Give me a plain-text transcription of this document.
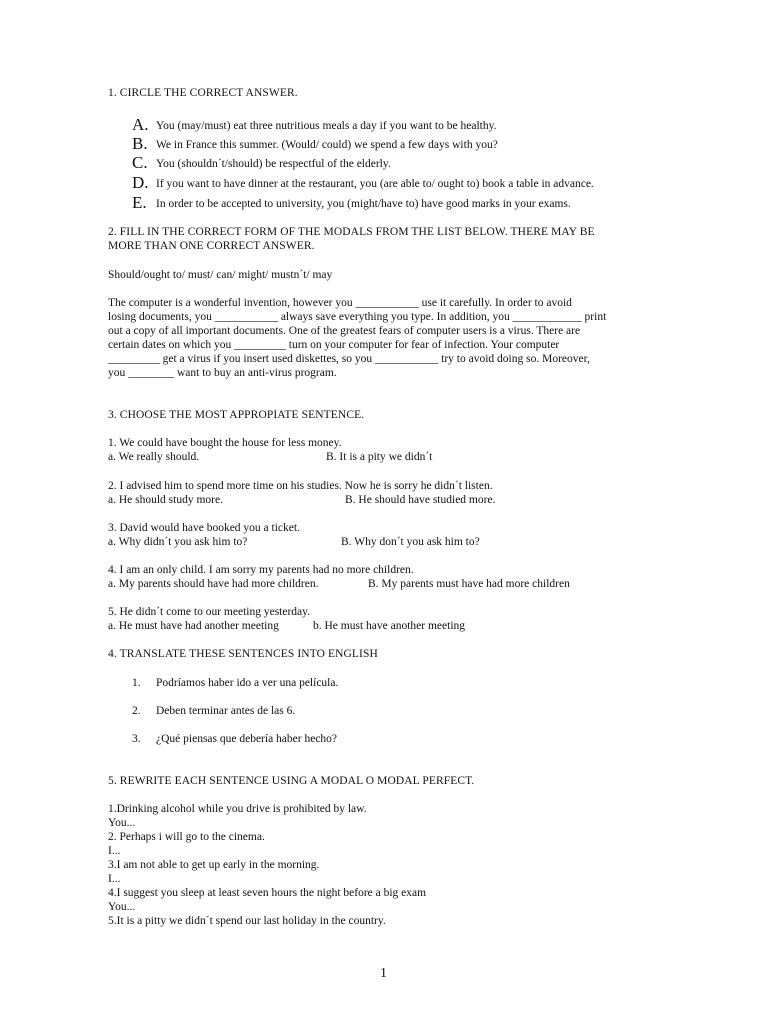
1. CIRCLE THE CORRECT ANSWER.
A. You (may/must) eat three nutritious meals a day if you want to be healthy.
B. We in France this summer. (Would/ could) we spend a few days with you?
C. You (shouldn´t/should) be respectful of the elderly.
D. If you want to have dinner at the restaurant, you (are able to/ ought to) book a table in advance.
E. In order to be accepted to university, you (might/have to) have good marks in your exams.
2. FILL IN THE CORRECT FORM OF THE MODALS FROM THE LIST BELOW. THERE MAY BE
MORE THAN ONE CORRECT ANSWER.
Should/ought to/ must/ can/ might/ mustn´t/ may
The computer is a wonderful invention, however you ___________ use it carefully. In order to avoid
losing documents, you ___________ always save everything you type. In addition, you ____________ print
out a copy of all important documents. One of the greatest fears of computer users is a virus. There are
certain dates on which you _________ turn on your computer for fear of infection. Your computer
_________ get a virus if you insert used diskettes, so you ___________ try to avoid doing so. Moreover,
you ________ want to buy an anti-virus program.
3. CHOOSE THE MOST APPROPIATE SENTENCE.
1. We could have bought the house for less money.
a. We really should.	B. It is a pity we didn´t
2. I advised him to spend more time on his studies. Now he is sorry he didn´t listen.
a. He should study more.	B. He should have studied more.
3. David would have booked you a ticket.
a. Why didn´t you ask him to?	B. Why don´t you ask him to?
4. I am an only child. I am sorry my parents had no more children.
a. My parents should have had more children.	B. My parents must have had more children
5. He didn´t come to our meeting yesterday.
a. He must have had another meeting	b. He must have another meeting
4. TRANSLATE THESE SENTENCES INTO ENGLISH
1. Podríamos haber ido a ver una película.
2. Deben terminar antes de las 6.
3. ¿Qué piensas que debería haber hecho?
5. REWRITE EACH SENTENCE USING A MODAL O MODAL PERFECT.
1.Drinking alcohol while you drive is prohibited by law.
You...
2. Perhaps i will go to the cinema.
I...
3.I am not able to get up early in the morning.
I...
4.I suggest you sleep at least seven hours the night before a big exam
You...
5.It is a pitty we didn´t spend our last holiday in the country.
1
